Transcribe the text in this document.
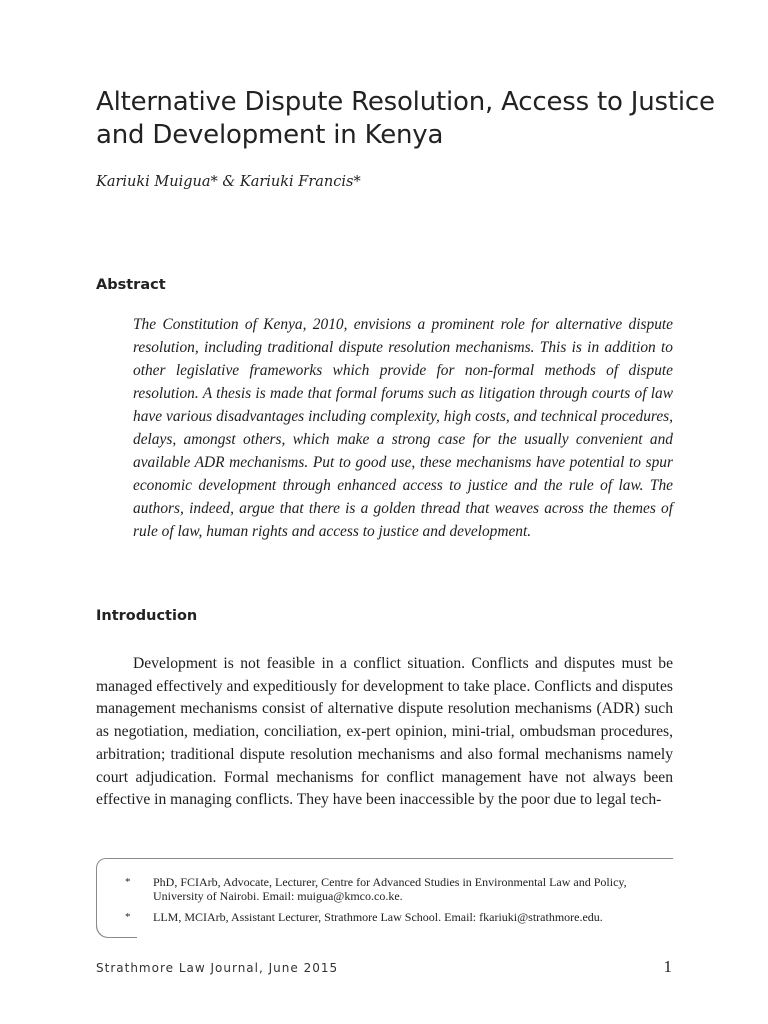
Alternative Dispute Resolution, Access to Justice and Development in Kenya
Kariuki Muigua* & Kariuki Francis*
Abstract

The Constitution of Kenya, 2010, envisions a prominent role for alternative dispute resolution, including traditional dispute resolution mechanisms. This is in addition to other legislative frameworks which provide for non-formal methods of dispute resolution. A thesis is made that formal forums such as litigation through courts of law have various disadvantages including complexity, high costs, and technical procedures, delays, amongst others, which make a strong case for the usually convenient and available ADR mechanisms. Put to good use, these mechanisms have potential to spur economic development through enhanced access to justice and the rule of law. The authors, indeed, argue that there is a golden thread that weaves across the themes of rule of law, human rights and access to justice and development.

Introduction

Development is not feasible in a conflict situation. Conflicts and disputes must be managed effectively and expeditiously for development to take place. Conflicts and disputes management mechanisms consist of alternative dispute resolution mechanisms (ADR) such as negotiation, mediation, conciliation, ex-pert opinion, mini-trial, ombudsman procedures, arbitration; traditional dispute resolution mechanisms and also formal mechanisms namely court adjudication. Formal mechanisms for conflict management have not always been effective in managing conflicts. They have been inaccessible by the poor due to legal tech-

* PhD, FCIArb, Advocate, Lecturer, Centre for Advanced Studies in Environmental Law and Policy, University of Nairobi. Email: muigua@kmco.co.ke.
* LLM, MCIArb, Assistant Lecturer, Strathmore Law School. Email: fkariuki@strathmore.edu.
Strathmore Law Journal, June 2015	1
